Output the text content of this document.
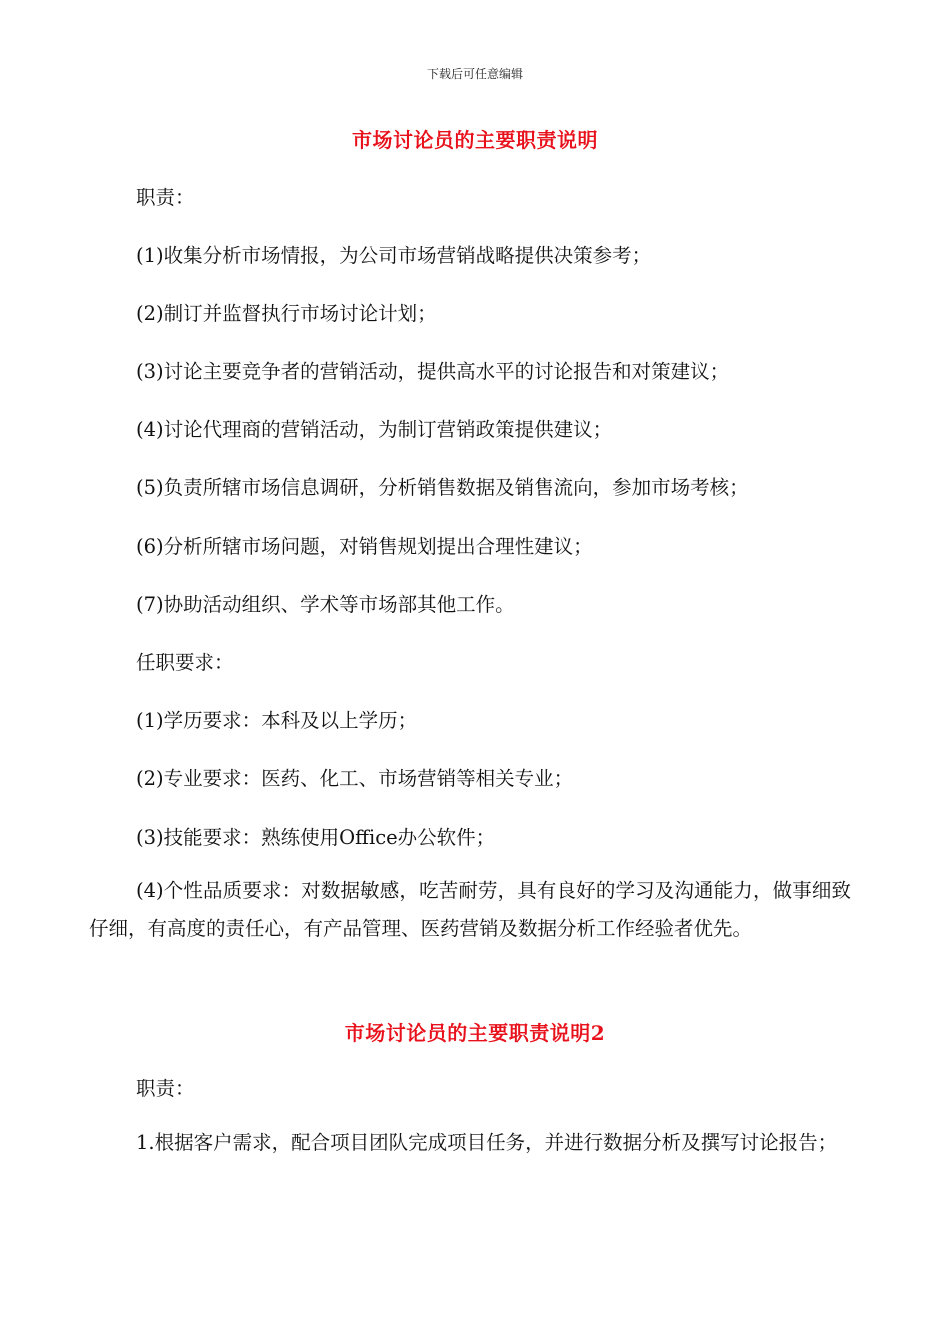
下载后可任意编辑
市场讨论员的主要职责说明
职责：
(1)收集分析市场情报，为公司市场营销战略提供决策参考；
(2)制订并监督执行市场讨论计划；
(3)讨论主要竞争者的营销活动，提供高水平的讨论报告和对策建议；
(4)讨论代理商的营销活动，为制订营销政策提供建议；
(5)负责所辖市场信息调研，分析销售数据及销售流向，参加市场考核；
(6)分析所辖市场问题，对销售规划提出合理性建议；
(7)协助活动组织、学术等市场部其他工作。
任职要求：
(1)学历要求：本科及以上学历；
(2)专业要求：医药、化工、市场营销等相关专业；
(3)技能要求：熟练使用Office办公软件；
(4)个性品质要求：对数据敏感，吃苦耐劳，具有良好的学习及沟通能力，做事细致仔细，有高度的责任心，有产品管理、医药营销及数据分析工作经验者优先。
市场讨论员的主要职责说明2
职责：
1.根据客户需求，配合项目团队完成项目任务，并进行数据分析及撰写讨论报告；
